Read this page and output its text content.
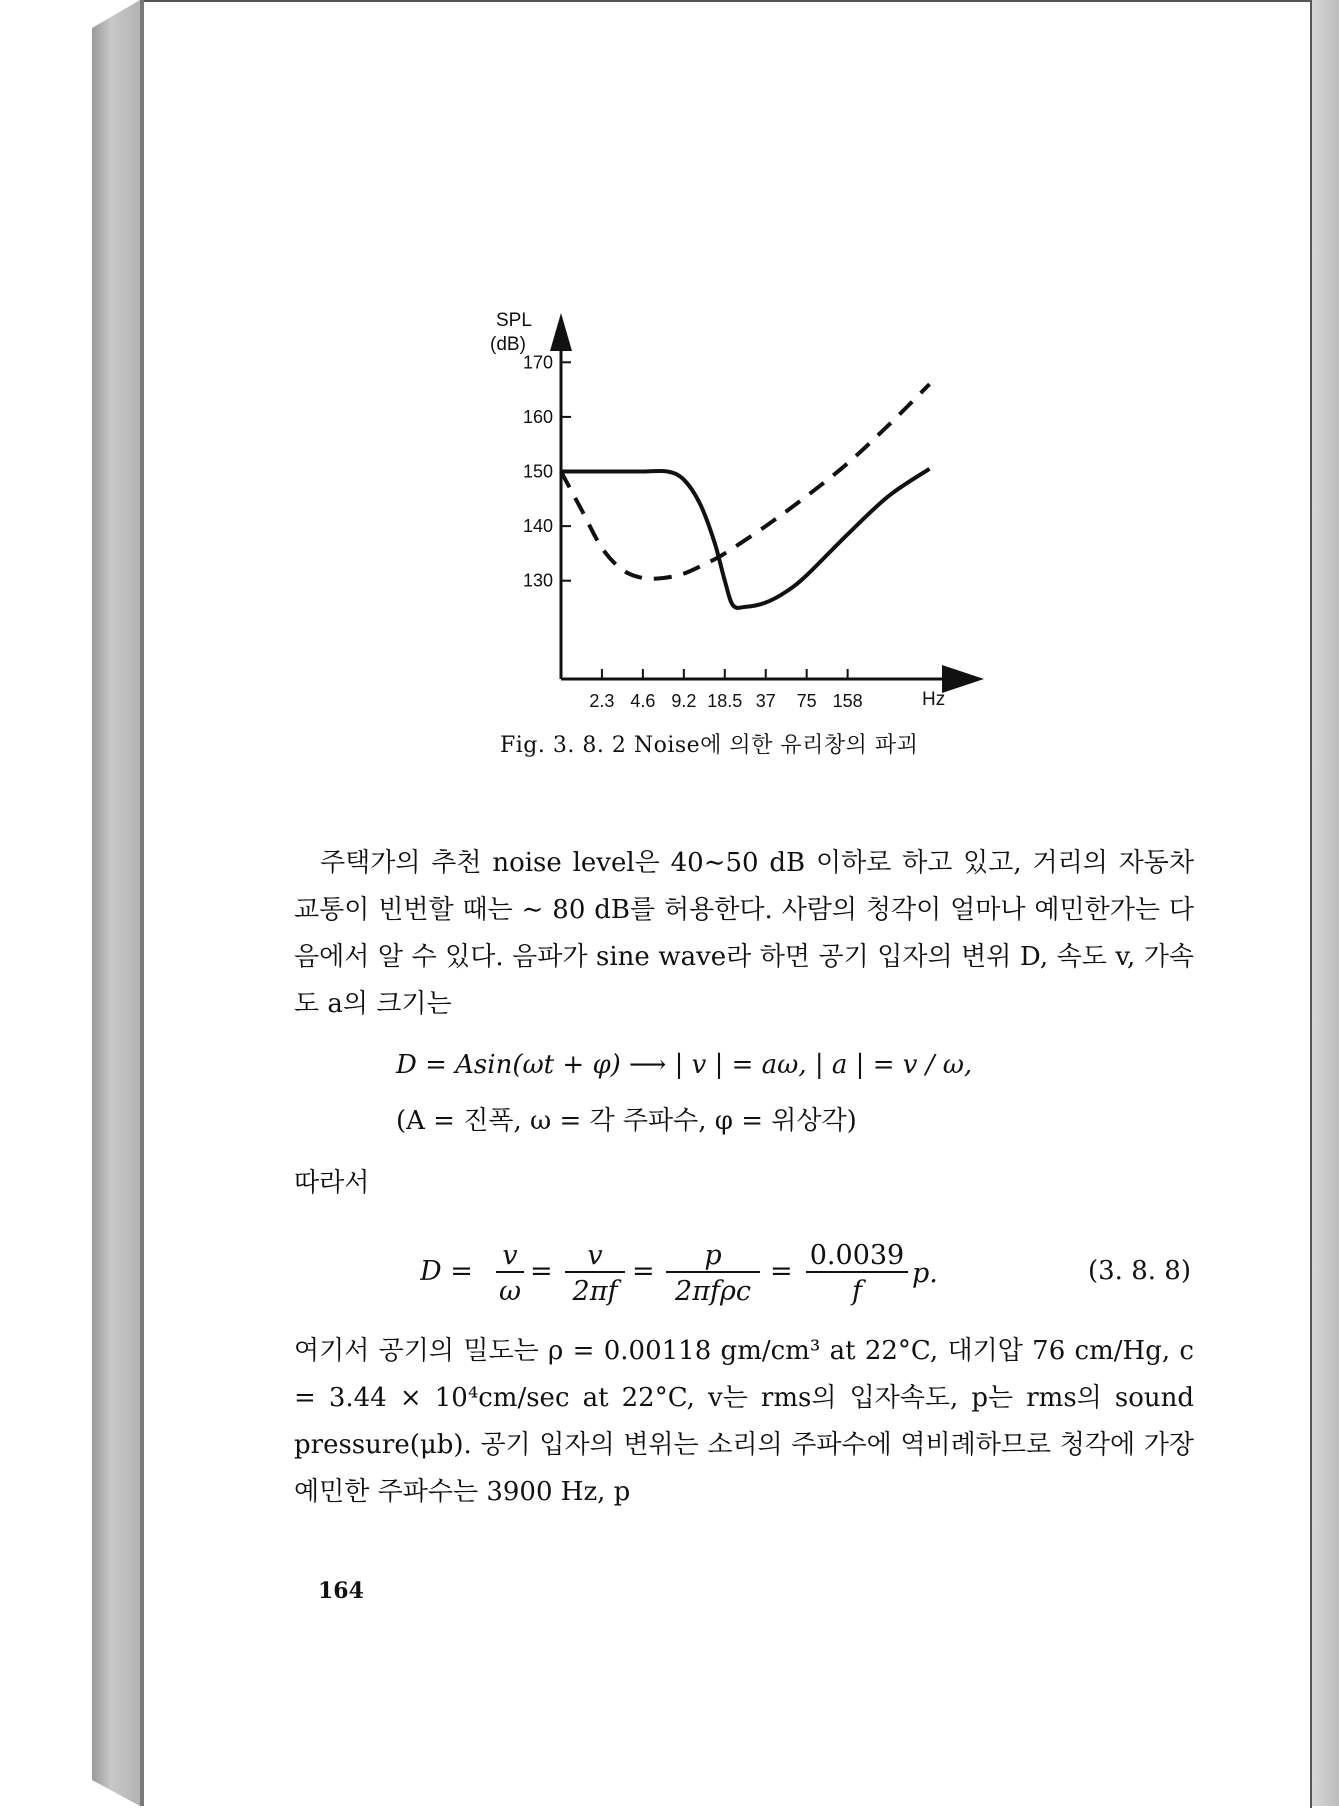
SPL
(dB)
Hz
170
160
150
140
130
2.3 4.6 9.2 18.5 37 75 158
Fig. 3. 8. 2 Noise에 의한 유리창의 파괴

주택가의 추천 noise level은 40∼50 dB 이하로 하고 있고, 거리의 자동차 교통이 빈번할 때는 ∼ 80 dB를 허용한다. 사람의 청각이 얼마나 예민한가는 다음에서 알 수 있다. 음파가 sine wave라 하면 공기 입자의 변위 D, 속도 v, 가속도 a의 크기는

D = Asin(ωt + φ) ⟶ | v | = aω, | a | = v / ω,
(A = 진폭, ω = 각 주파수, φ = 위상각)

따라서

D =
v
ω
=
v
2πf
=
p
2πfρc
=
0.0039
f
p.	(3. 8. 8)

여기서 공기의 밀도는 ρ = 0.00118 gm/cm³ at 22°C, 대기압 76 cm/Hg, c = 3.44 × 10⁴cm/sec at 22°C, v는 rms의 입자속도, p는 rms의 sound pressure(μb). 공기 입자의 변위는 소리의 주파수에 역비례하므로 청각에 가장 예민한 주파수는 3900 Hz, p

164
